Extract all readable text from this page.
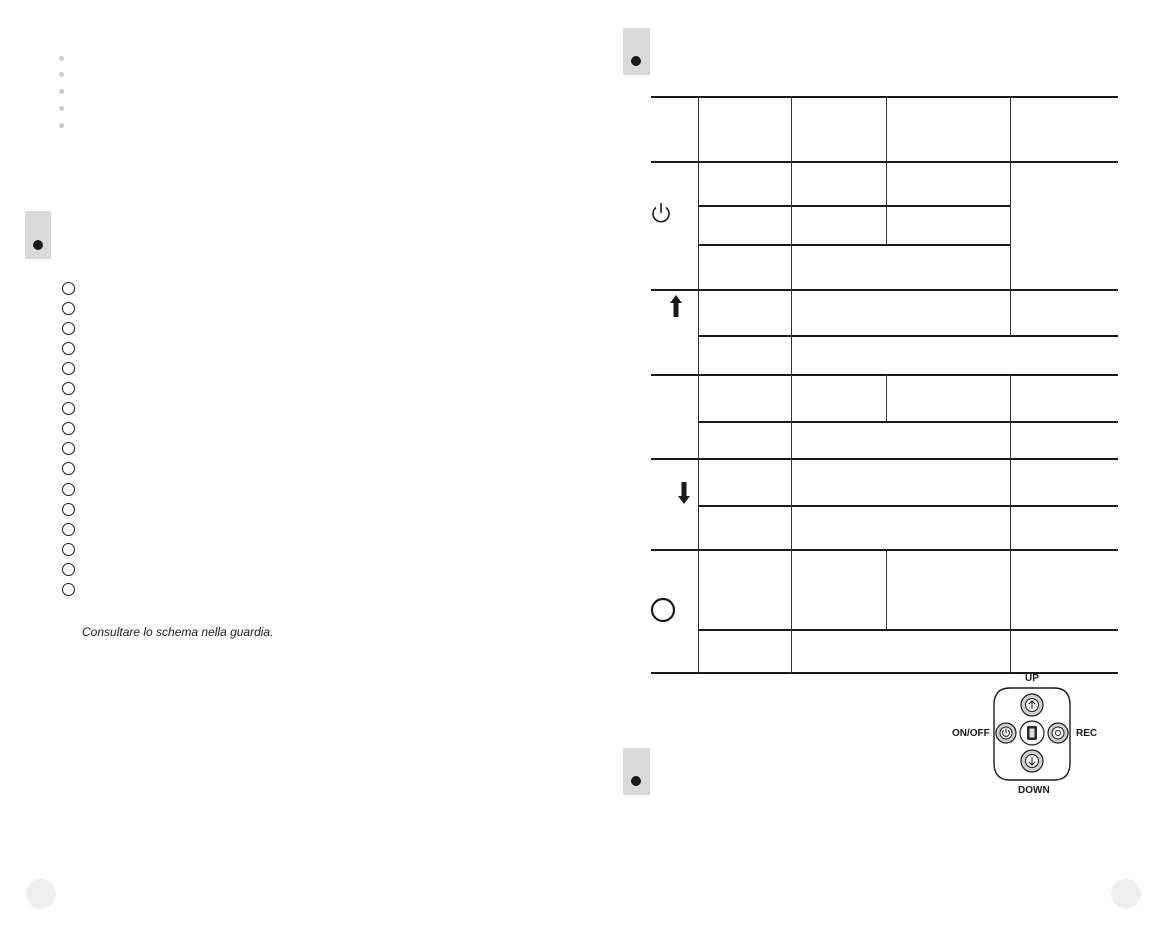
Consultare lo schema nella guardia.
UP
ON/OFF	REC
DOWN
